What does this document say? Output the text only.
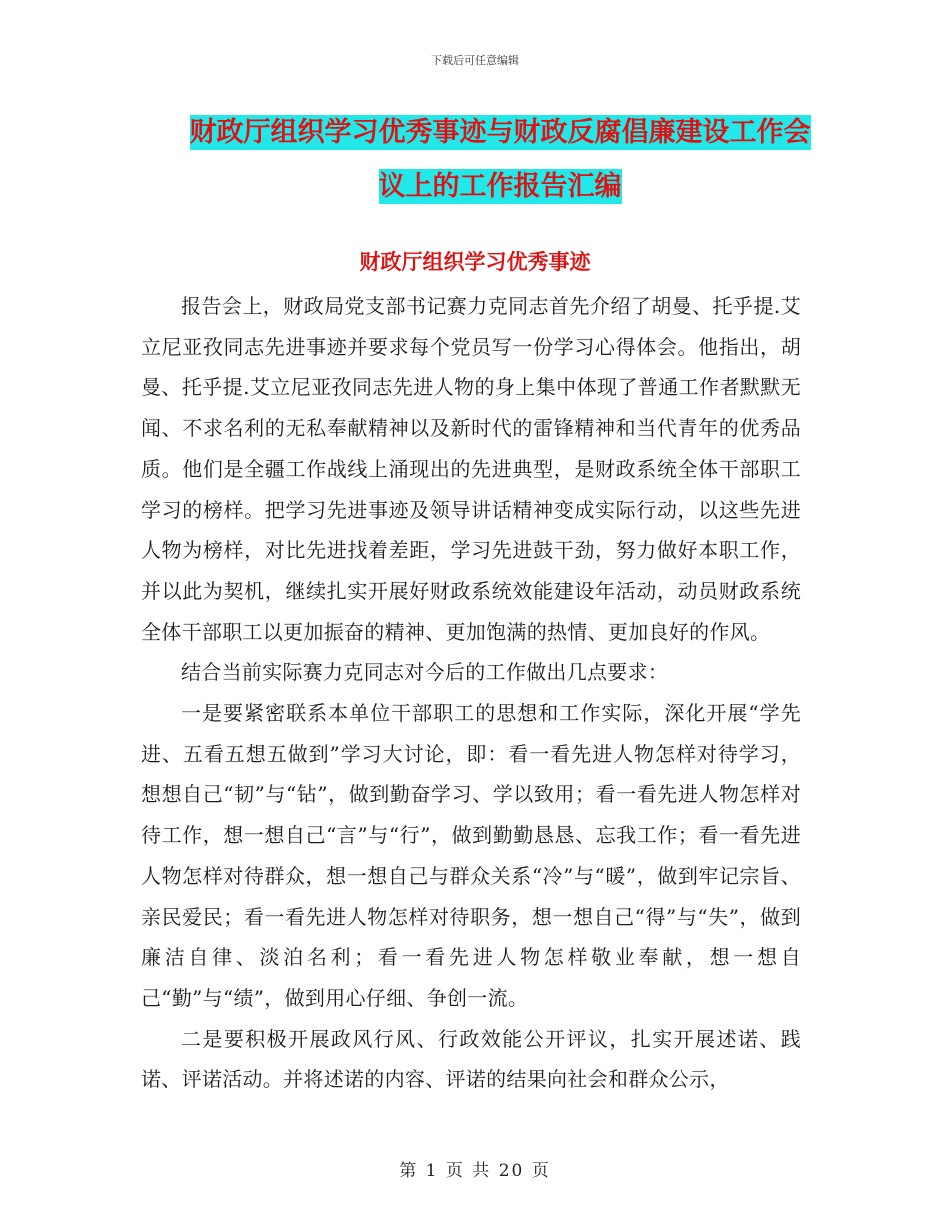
下载后可任意编辑
财政厅组织学习优秀事迹与财政反腐倡廉建设工作会
议上的工作报告汇编
财政厅组织学习优秀事迹

报告会上，财政局党支部书记赛力克同志首先介绍了胡曼、托乎提.艾立尼亚孜同志先进事迹并要求每个党员写一份学习心得体会。他指出，胡曼、托乎提.艾立尼亚孜同志先进人物的身上集中体现了普通工作者默默无闻、不求名利的无私奉献精神以及新时代的雷锋精神和当代青年的优秀品质。他们是全疆工作战线上涌现出的先进典型，是财政系统全体干部职工学习的榜样。把学习先进事迹及领导讲话精神变成实际行动，以这些先进人物为榜样，对比先进找着差距，学习先进鼓干劲，努力做好本职工作，并以此为契机，继续扎实开展好财政系统效能建设年活动，动员财政系统全体干部职工以更加振奋的精神、更加饱满的热情、更加良好的作风。

结合当前实际赛力克同志对今后的工作做出几点要求：

一是要紧密联系本单位干部职工的思想和工作实际，深化开展“学先进、五看五想五做到”学习大讨论，即：看一看先进人物怎样对待学习，想想自己“韧”与“钻”，做到勤奋学习、学以致用；看一看先进人物怎样对待工作，想一想自己“言”与“行”，做到勤勤恳恳、忘我工作；看一看先进人物怎样对待群众，想一想自己与群众关系“冷”与“暖”，做到牢记宗旨、亲民爱民；看一看先进人物怎样对待职务，想一想自己“得”与“失”，做到廉洁自律、淡泊名利；看一看先进人物怎样敬业奉献，想一想自己“勤”与“绩”，做到用心仔细、争创一流。

二是要积极开展政风行风、行政效能公开评议，扎实开展述诺、践诺、评诺活动。并将述诺的内容、评诺的结果向社会和群众公示，

第 1 页 共 20 页
